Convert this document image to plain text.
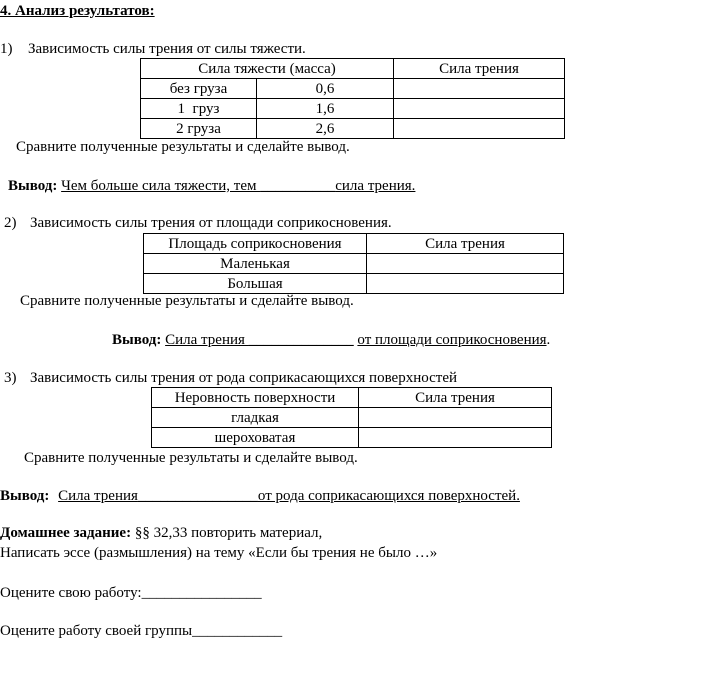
4. Анализ результатов:
1) Зависимость силы трения от силы тяжести.
Сила тяжести (масса)		Сила трения
без груза	0,6	
1  груз	1,6	
2 груза	2,6	
Сравните полученные результаты и сделайте вывод.
Вывод: Чем больше сила тяжести, тем __________сила трения.
2) Зависимость силы трения от площади соприкосновения.
Площадь соприкосновения	Сила трения
Маленькая	
Большая	
Сравните полученные результаты и сделайте вывод.
Вывод: Сила трения ______________ от площади соприкосновения.
3) Зависимость силы трения от рода соприкасающихся поверхностей
Неровность поверхности	Сила трения
гладкая	
шероховатая	
Сравните полученные результаты и сделайте вывод.
Вывод: Сила трения________________от рода соприкасающихся поверхностей.
Домашнее задание: §§ 32,33 повторить материал,
Написать эссе (размышления) на тему «Если бы трения не было …»
Оцените свою работу:________________
Оцените работу своей группы____________
